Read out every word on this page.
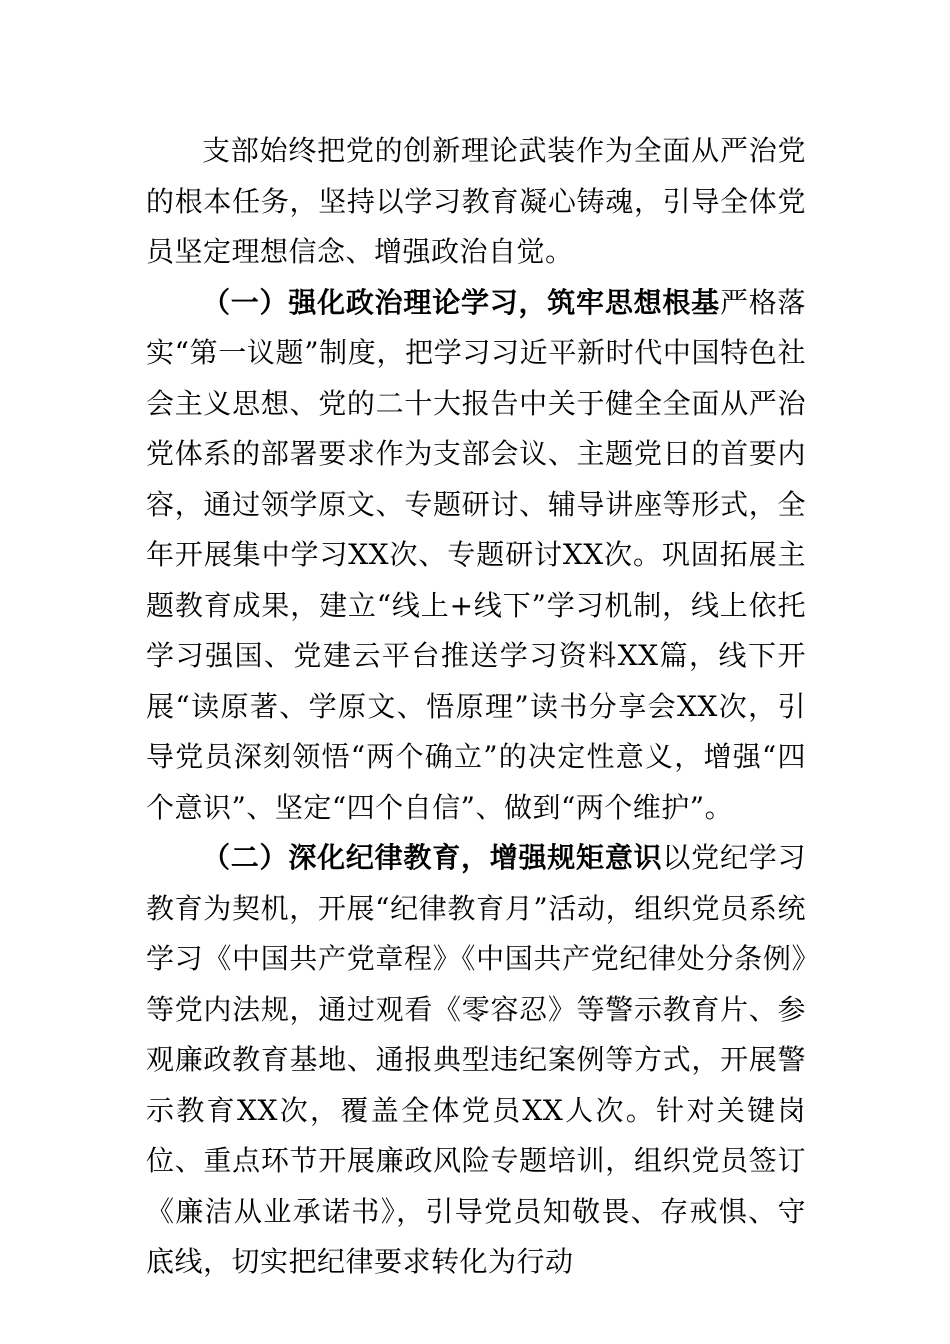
支部始终把党的创新理论武装作为全面从严治党的根本任务，坚持以学习教育凝心铸魂，引导全体党员坚定理想信念、增强政治自觉。

（一）强化政治理论学习，筑牢思想根基严格落实“第一议题”制度，把学习习近平新时代中国特色社会主义思想、党的二十大报告中关于健全全面从严治党体系的部署要求作为支部会议、主题党日的首要内容，通过领学原文、专题研讨、辅导讲座等形式，全年开展集中学习XX次、专题研讨XX次。巩固拓展主题教育成果，建立“线上+线下”学习机制，线上依托学习强国、党建云平台推送学习资料XX篇，线下开展“读原著、学原文、悟原理”读书分享会XX次，引导党员深刻领悟“两个确立”的决定性意义，增强“四个意识”、坚定“四个自信”、做到“两个维护”。

（二）深化纪律教育，增强规矩意识以党纪学习教育为契机，开展“纪律教育月”活动，组织党员系统学习《中国共产党章程》《中国共产党纪律处分条例》等党内法规，通过观看《零容忍》等警示教育片、参观廉政教育基地、通报典型违纪案例等方式，开展警示教育XX次，覆盖全体党员XX人次。针对关键岗位、重点环节开展廉政风险专题培训，组织党员签订《廉洁从业承诺书》，引导党员知敬畏、存戒惧、守底线，切实把纪律要求转化为行动
